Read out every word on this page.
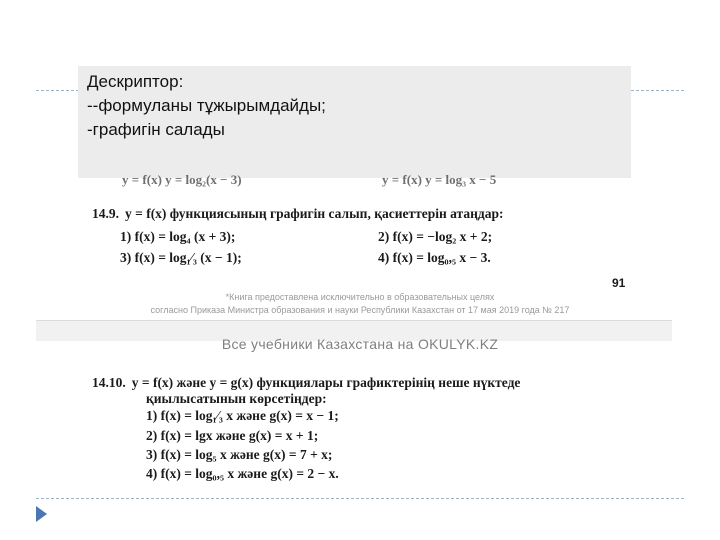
Дескриптор:
--формуланы тұжырымдайды;
-графигін салады
y = f(x) y = log₂(x − 3)	y = f(x) y = log₃ x − 5
14.9. y = f(x) функциясының графигін салып, қасиеттерін атаңдар:
1) f(x) = log₄ (x + 3);	2) f(x) = −log₂ x + 2;
3) f(x) = log₁⁄₃ (x − 1);	4) f(x) = log₀,₅ x − 3.
91
*Книга предоставлена исключительно в образовательных целях
согласно Приказа Министра образования и науки Республики Казахстан от 17 мая 2019 года № 217
Все учебники Казахстана на OKULYK.KZ
14.10. y = f(x) және y = g(x) функциялары графиктерінің неше нүктеде
қиылысатынын көрсетіңдер:
1) f(x) = log₁⁄₃ x және g(x) = x − 1;
2) f(x) = lgx және g(x) = x + 1;
3) f(x) = log₅ x және g(x) = 7 + x;
4) f(x) = log₀,₅ x және g(x) = 2 − x.
